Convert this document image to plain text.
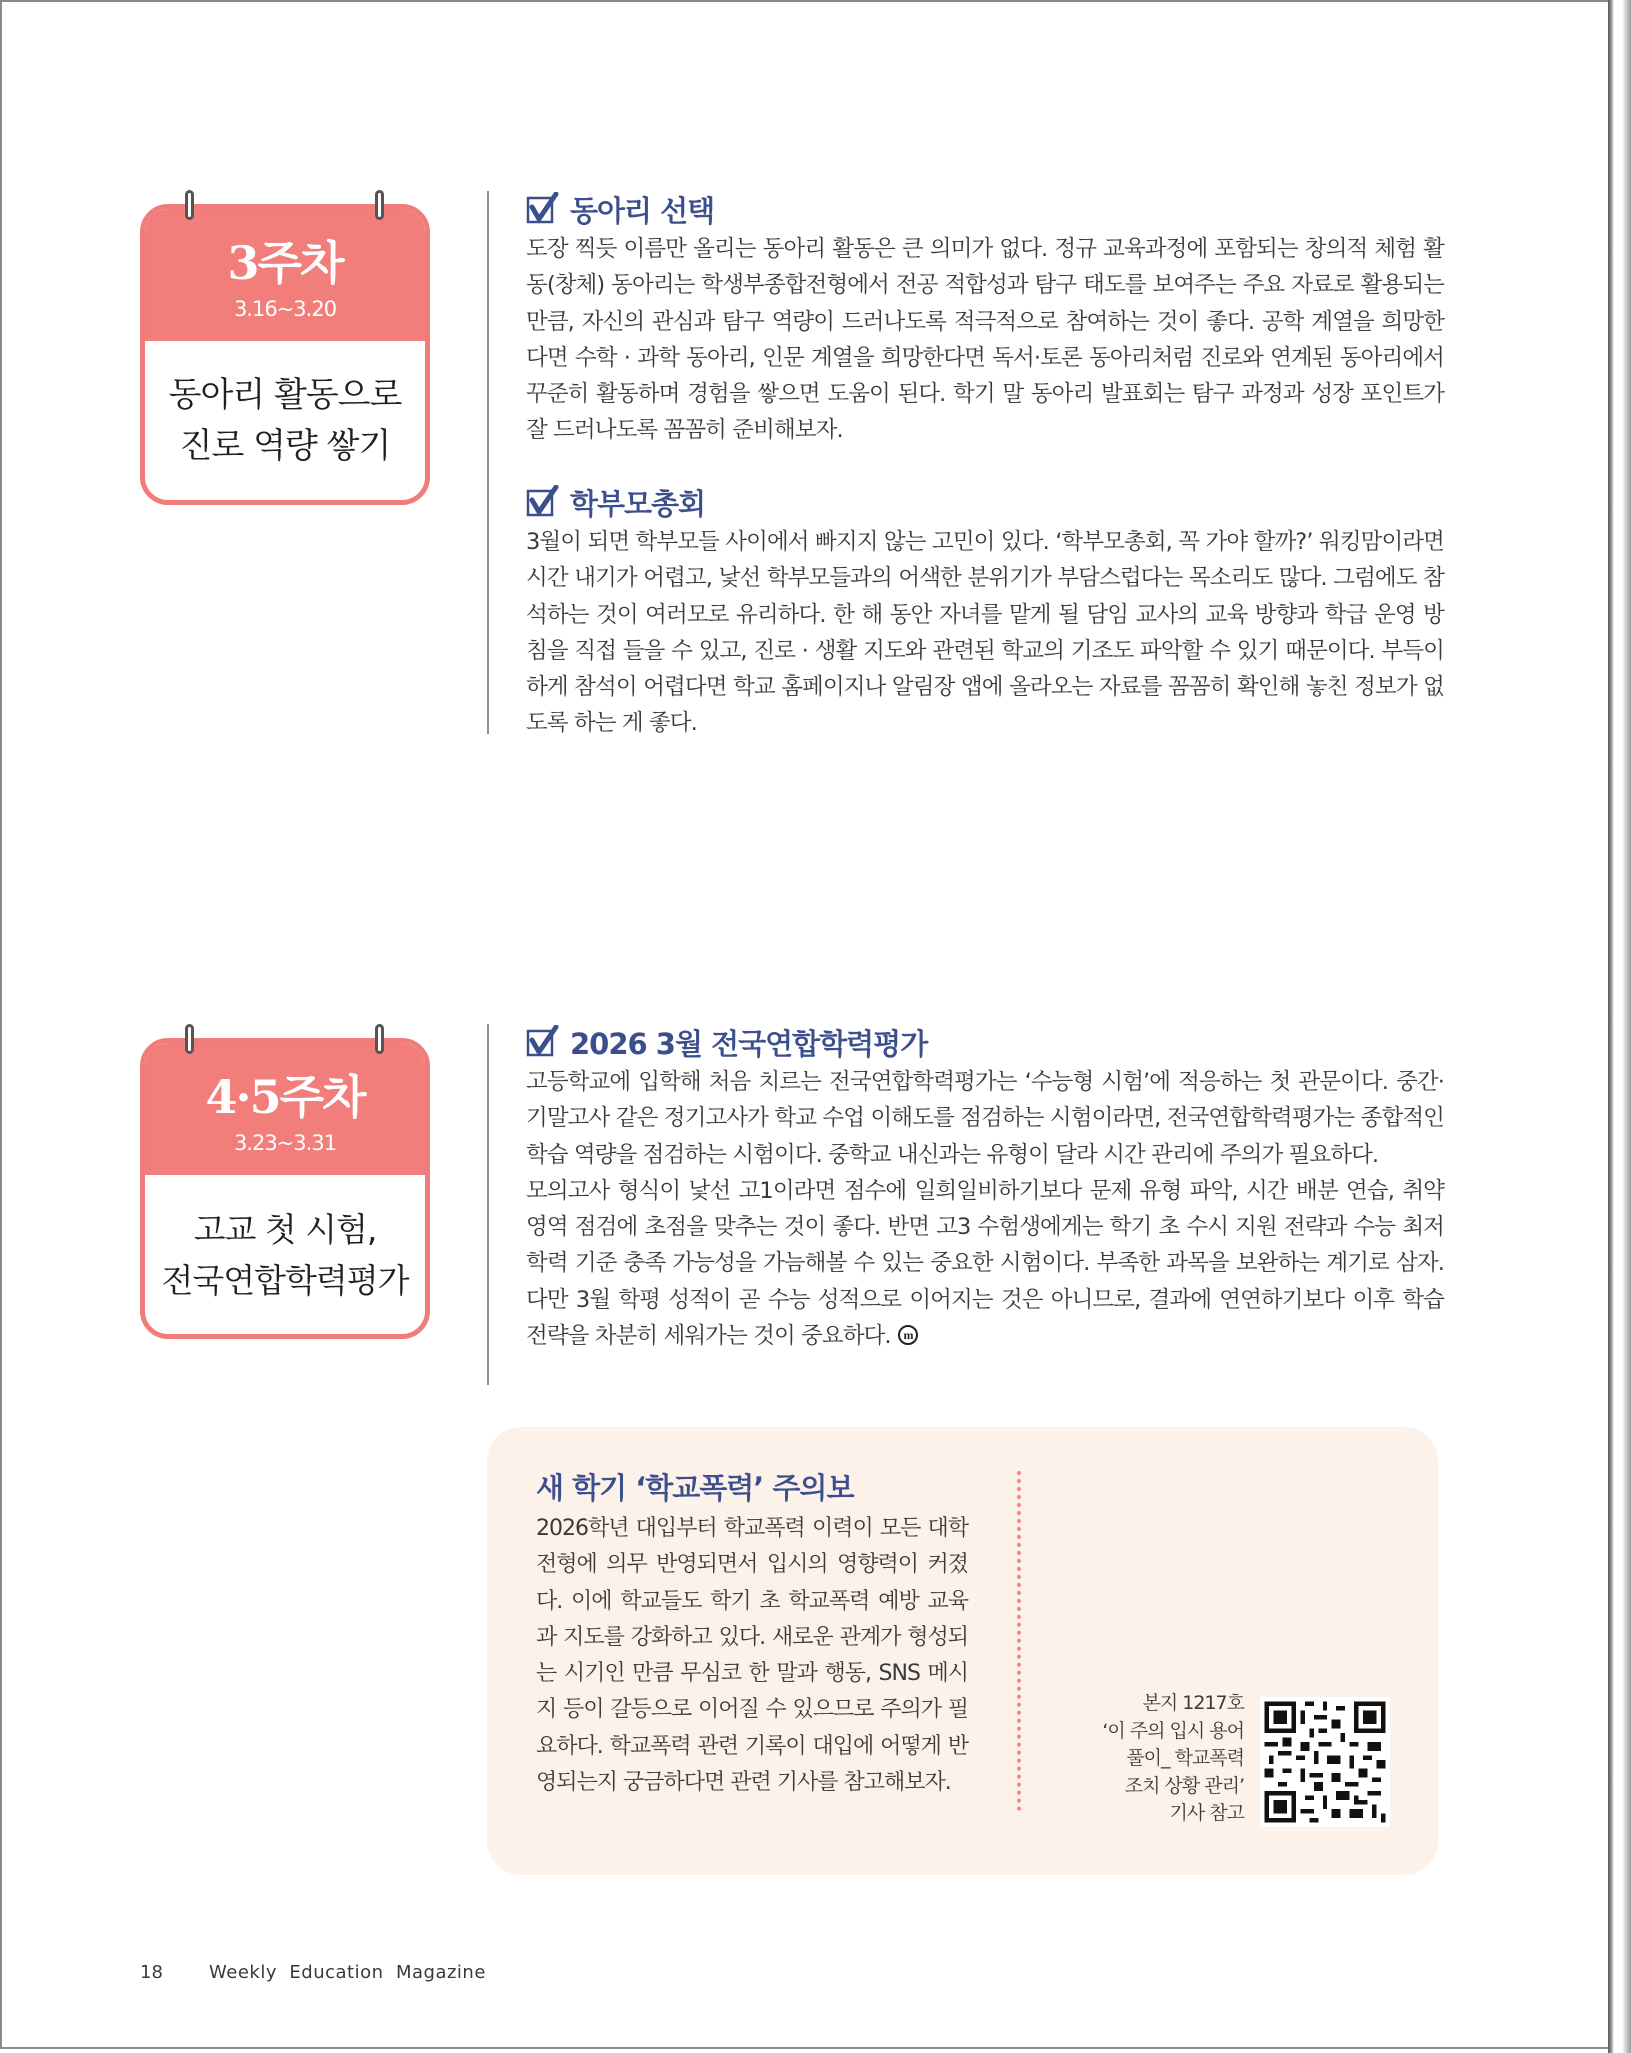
3주차
3.16~3.20
동아리 활동으로
진로 역량 쌓기
동아리 선택
도장 찍듯 이름만 올리는 동아리 활동은 큰 의미가 없다. 정규 교육과정에 포함되는 창의적 체험 활동(창체) 동아리는 학생부종합전형에서 전공 적합성과 탐구 태도를 보여주는 주요 자료로 활용되는 만큼, 자신의 관심과 탐구 역량이 드러나도록 적극적으로 참여하는 것이 좋다. 공학 계열을 희망한다면 수학 · 과학 동아리, 인문 계열을 희망한다면 독서·토론 동아리처럼 진로와 연계된 동아리에서 꾸준히 활동하며 경험을 쌓으면 도움이 된다. 학기 말 동아리 발표회는 탐구 과정과 성장 포인트가 잘 드러나도록 꼼꼼히 준비해보자.
학부모총회
3월이 되면 학부모들 사이에서 빠지지 않는 고민이 있다. ‘학부모총회, 꼭 가야 할까?’ 워킹맘이라면 시간 내기가 어렵고, 낯선 학부모들과의 어색한 분위기가 부담스럽다는 목소리도 많다. 그럼에도 참석하는 것이 여러모로 유리하다. 한 해 동안 자녀를 맡게 될 담임 교사의 교육 방향과 학급 운영 방침을 직접 들을 수 있고, 진로 · 생활 지도와 관련된 학교의 기조도 파악할 수 있기 때문이다. 부득이하게 참석이 어렵다면 학교 홈페이지나 알림장 앱에 올라오는 자료를 꼼꼼히 확인해 놓친 정보가 없도록 하는 게 좋다.
4·5주차
3.23~3.31
고교 첫 시험,
전국연합학력평가
2026 3월 전국연합학력평가

고등학교에 입학해 처음 치르는 전국연합학력평가는 ‘수능형 시험’에 적응하는 첫 관문이다. 중간·기말고사 같은 정기고사가 학교 수업 이해도를 점검하는 시험이라면, 전국연합학력평가는 종합적인 학습 역량을 점검하는 시험이다. 중학교 내신과는 유형이 달라 시간 관리에 주의가 필요하다.

모의고사 형식이 낯선 고1이라면 점수에 일희일비하기보다 문제 유형 파악, 시간 배분 연습, 취약 영역 점검에 초점을 맞추는 것이 좋다. 반면 고3 수험생에게는 학기 초 수시 지원 전략과 수능 최저 학력 기준 충족 가능성을 가늠해볼 수 있는 중요한 시험이다. 부족한 과목을 보완하는 계기로 삼자. 다만 3월 학평 성적이 곧 수능 성적으로 이어지는 것은 아니므로, 결과에 연연하기보다 이후 학습 전략을 차분히 세워가는 것이 중요하다. m

새 학기 ‘학교폭력’ 주의보
2026학년 대입부터 학교폭력 이력이 모든 대학 전형에 의무 반영되면서 입시의 영향력이 커졌다. 이에 학교들도 학기 초 학교폭력 예방 교육과 지도를 강화하고 있다. 새로운 관계가 형성되는 시기인 만큼 무심코 한 말과 행동, SNS 메시지 등이 갈등으로 이어질 수 있으므로 주의가 필요하다. 학교폭력 관련 기록이 대입에 어떻게 반영되는지 궁금하다면 관련 기사를 참고해보자.
본지 1217호
‘이 주의 입시 용어
풀이_ 학교폭력
조치 상황 관리’
기사 참고
18	Weekly  Education  Magazine
